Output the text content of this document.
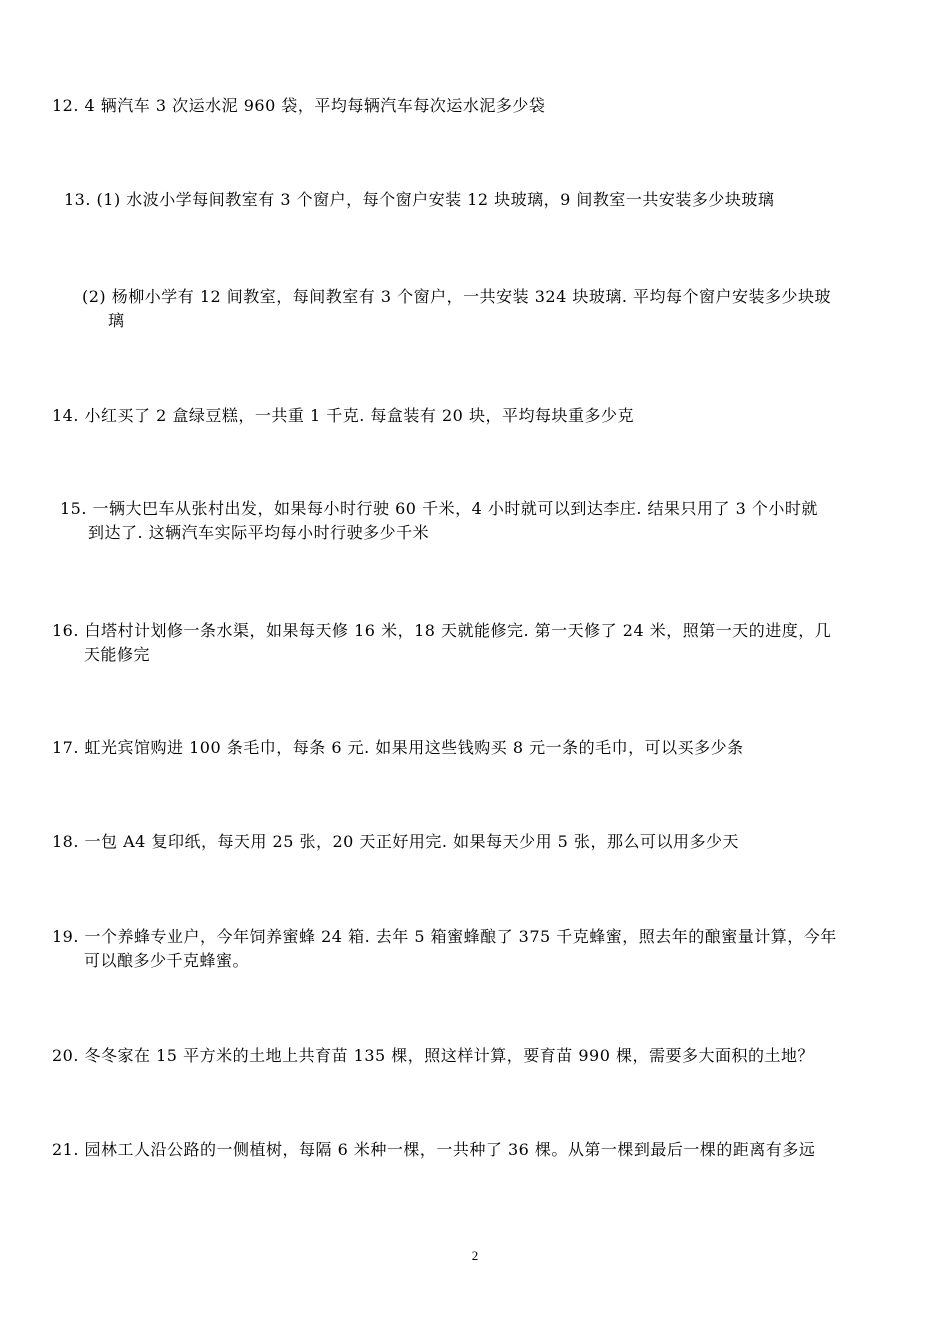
12. 4 辆汽车 3 次运水泥 960 袋，平均每辆汽车每次运水泥多少袋
13. (1) 水波小学每间教室有 3 个窗户，每个窗户安装 12 块玻璃，9 间教室一共安装多少块玻璃
(2) 杨柳小学有 12 间教室，每间教室有 3 个窗户，一共安装 324 块玻璃. 平均每个窗户安装多少块玻
璃
14. 小红买了 2 盒绿豆糕，一共重 1 千克. 每盒装有 20 块，平均每块重多少克
15. 一辆大巴车从张村出发，如果每小时行驶 60 千米，4 小时就可以到达李庄. 结果只用了 3 个小时就
到达了. 这辆汽车实际平均每小时行驶多少千米
16. 白塔村计划修一条水渠，如果每天修 16 米，18 天就能修完. 第一天修了 24 米，照第一天的进度，几
天能修完
17. 虹光宾馆购进 100 条毛巾，每条 6 元. 如果用这些钱购买 8 元一条的毛巾，可以买多少条
18. 一包 A4 复印纸，每天用 25 张，20 天正好用完. 如果每天少用 5 张，那么可以用多少天
19. 一个养蜂专业户，今年饲养蜜蜂 24 箱. 去年 5 箱蜜蜂酿了 375 千克蜂蜜，照去年的酿蜜量计算，今年
可以酿多少千克蜂蜜。
20. 冬冬家在 15 平方米的土地上共育苗 135 棵，照这样计算，要育苗 990 棵，需要多大面积的土地？
21. 园林工人沿公路的一侧植树，每隔 6 米种一棵，一共种了 36 棵。从第一棵到最后一棵的距离有多远
2
